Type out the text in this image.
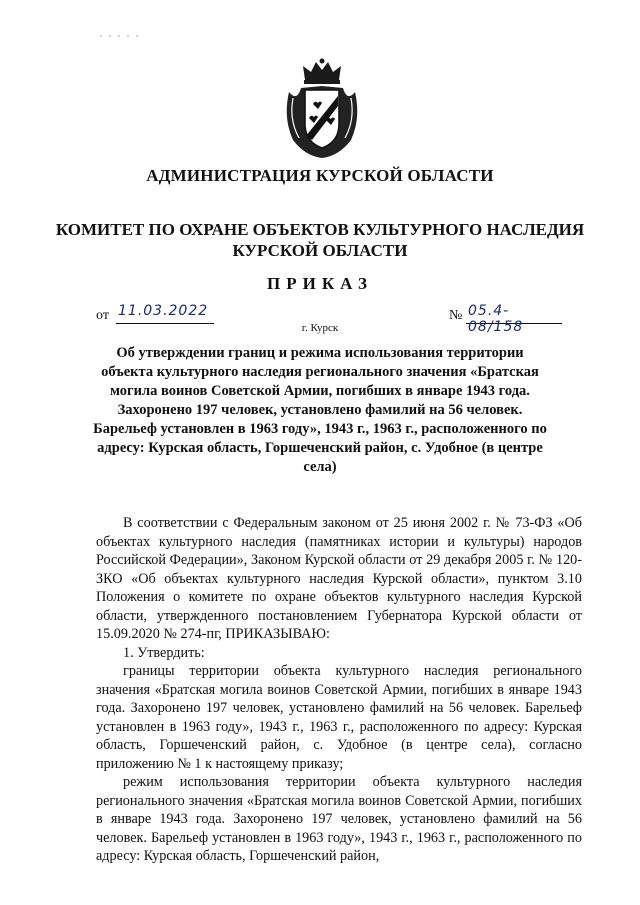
АДМИНИСТРАЦИЯ КУРСКОЙ ОБЛАСТИ
КОМИТЕТ ПО ОХРАНЕ ОБЪЕКТОВ КУЛЬТУРНОГО НАСЛЕДИЯ
КУРСКОЙ ОБЛАСТИ
ПРИКАЗ
от 11.03.2022	№ 05.4-08/158
г. Курск
Об утверждении границ и режима использования территории объекта культурного наследия регионального значения «Братская могила воинов Советской Армии, погибших в январе 1943 года. Захоронено 197 человек, установлено фамилий на 56 человек. Барельеф установлен в 1963 году», 1943 г., 1963 г., расположенного по адресу: Курская область, Горшеченский район, с. Удобное (в центре села)

В соответствии с Федеральным законом от 25 июня 2002 г. № 73-ФЗ «Об объектах культурного наследия (памятниках истории и культуры) народов Российской Федерации», Законом Курской области от 29 декабря 2005 г. № 120-ЗКО «Об объектах культурного наследия Курской области», пунктом 3.10 Положения о комитете по охране объектов культурного наследия Курской области, утвержденного постановлением Губернатора Курской области от 15.09.2020 № 274-пг, ПРИКАЗЫВАЮ:

1. Утвердить:

границы территории объекта культурного наследия регионального значения «Братская могила воинов Советской Армии, погибших в январе 1943 года. Захоронено 197 человек, установлено фамилий на 56 человек. Барельеф установлен в 1963 году», 1943 г., 1963 г., расположенного по адресу: Курская область, Горшеченский район, с. Удобное (в центре села), согласно приложению № 1 к настоящему приказу;

режим использования территории объекта культурного наследия регионального значения «Братская могила воинов Советской Армии, погибших в январе 1943 года. Захоронено 197 человек, установлено фамилий на 56 человек. Барельеф установлен в 1963 году», 1943 г., 1963 г., расположенного по адресу: Курская область, Горшеченский район,
